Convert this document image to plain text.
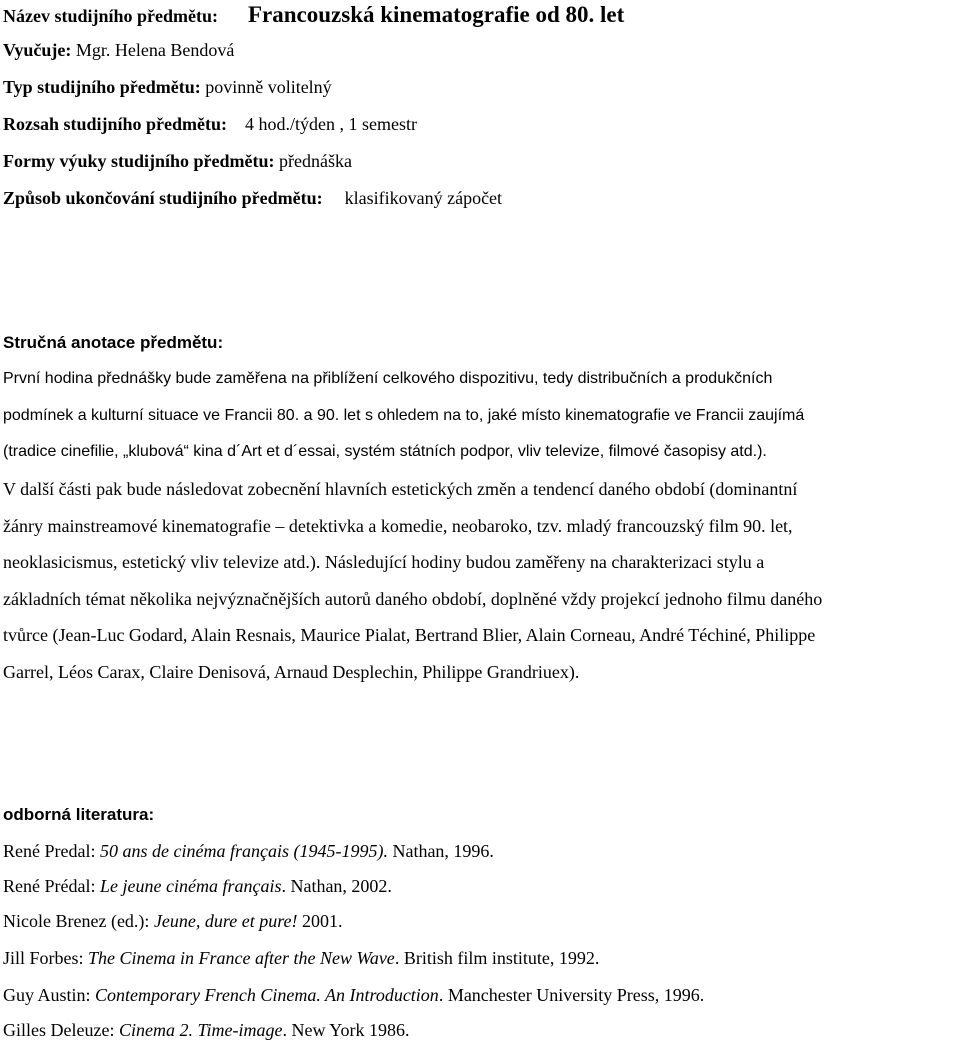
Název studijního předmětu: Francouzská kinematografie od 80. let
Vyučuje: Mgr. Helena Bendová
Typ studijního předmětu: povinně volitelný
Rozsah studijního předmětu: 4 hod./týden , 1 semestr
Formy výuky studijního předmětu: přednáška
Způsob ukončování studijního předmětu: klasifikovaný zápočet
Stručná anotace předmětu:
První hodina přednášky bude zaměřena na přiblížení celkového dispozitivu, tedy distribučních a produkčních
podmínek a kulturní situace ve Francii 80. a 90. let s ohledem na to, jaké místo kinematografie ve Francii zaujímá
(tradice cinefilie, „klubová“ kina d´Art et d´essai, systém státních podpor, vliv televize, filmové časopisy atd.).
V další části pak bude následovat zobecnění hlavních estetických změn a tendencí daného období (dominantní
žánry mainstreamové kinematografie – detektivka a komedie, neobaroko, tzv. mladý francouzský film 90. let,
neoklasicismus, estetický vliv televize atd.). Následující hodiny budou zaměřeny na charakterizaci stylu a
základních témat několika nejvýznačnějších autorů daného období, doplněné vždy projekcí jednoho filmu daného
tvůrce (Jean-Luc Godard, Alain Resnais, Maurice Pialat, Bertrand Blier, Alain Corneau, André Téchiné, Philippe
Garrel, Léos Carax, Claire Denisová, Arnaud Desplechin, Philippe Grandriuex).
odborná literatura:
René Predal: 50 ans de cinéma français (1945-1995). Nathan, 1996.
René Prédal: Le jeune cinéma français. Nathan, 2002.
Nicole Brenez (ed.): Jeune, dure et pure! 2001.
Jill Forbes: The Cinema in France after the New Wave. British film institute, 1992.
Guy Austin: Contemporary French Cinema. An Introduction. Manchester University Press, 1996.
Gilles Deleuze: Cinema 2. Time-image. New York 1986.
